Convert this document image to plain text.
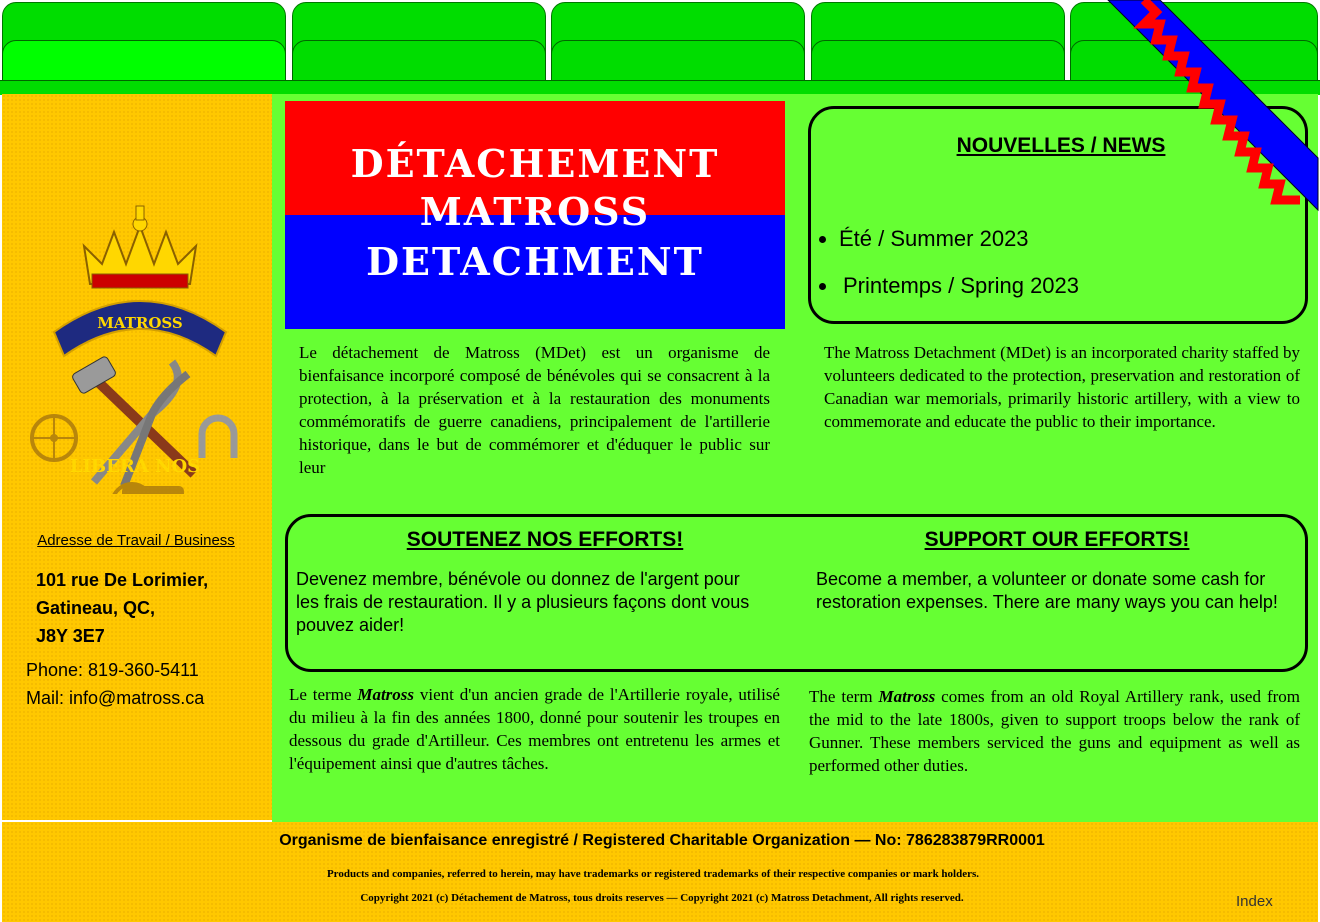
MATROSS
LIBERA NOS
Adresse de Travail / Business
101 rue De Lorimier,
Gatineau, QC,
J8Y 3E7
Phone: 819-360-5411
Mail: info@matross.ca
DÉTACHEMENT
MATROSS
DETACHMENT
NOUVELLES / NEWS
• Été / Summer 2023
• Printemps / Spring 2023

Le détachement de Matross (MDet) est un organisme de bienfaisance incorporé composé de bénévoles qui se consacrent à la protection, à la préservation et à la restauration des monuments commémoratifs de guerre canadiens, principalement de l'artillerie historique, dans le but de commémorer et d'éduquer le public sur leur

The Matross Detachment (MDet) is an incorporated charity staffed by volunteers dedicated to the protection, preservation and restoration of Canadian war memorials, primarily historic artillery, with a view to commemorate and educate the public to their importance.

SOUTENEZ NOS EFFORTS!

Devenez membre, bénévole ou donnez de l'argent pour les frais de restauration. Il y a plusieurs façons dont vous pouvez aider!

SUPPORT OUR EFFORTS!

Become a member, a volunteer or donate some cash for restoration expenses. There are many ways you can help!

Le terme Matross vient d'un ancien grade de l'Artillerie royale, utilisé du milieu à la fin des années 1800, donné pour soutenir les troupes en dessous du grade d'Artilleur. Ces membres ont entretenu les armes et l'équipement ainsi que d'autres tâches.

The term Matross comes from an old Royal Artillery rank, used from the mid to the late 1800s, given to support troops below the rank of Gunner. These members serviced the guns and equipment as well as performed other duties.

Organisme de bienfaisance enregistré / Registered Charitable Organization — No: 786283879RR0001
Products and companies, referred to herein, may have trademarks or registered trademarks of their respective companies or mark holders.
Copyright 2021 (c) Détachement de Matross, tous droits reserves — Copyright 2021 (c) Matross Detachment, All rights reserved.	Index
